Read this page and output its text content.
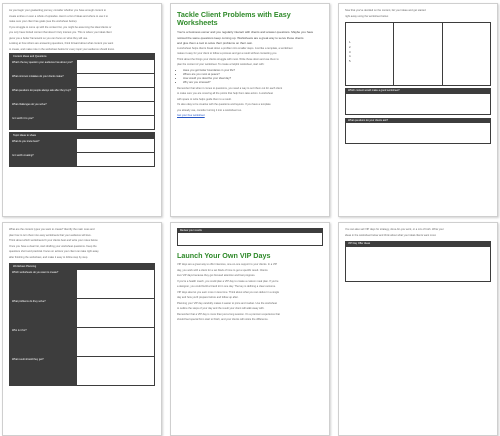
As you begin your goalsetting journey, consider whether you have enough content to

create entries or even a whole of episodes. Here's a list of ideas and where to use it to

make sure your client has goals (see the worksheet below).

If you struggle to come up with the content list, you might be assuming the ideal clients or

you only have limited content that doesn't truly interest you. This is where your ideal client

gives you a better framework so you can focus on what they will use.

Looking at how others are answering questions, think forward about what content you want

to create, and make note in the worksheet below for every topic your audience should know.

Content Ideas and Questions
What's the key question your audience has about you?
What common mistakes do your clients make?
What questions do people always ask after they buy?
What challenges do you solve?
Is it worth it to you?
Topic ideas to share
What do you know best?
Is it worth creating?
Tackle Client Problems with Easy Worksheets

You're a business owner and you regularly interact with clients and answer questions. Maybe you have

noticed the same questions keep coming up. Worksheets are a great way to serve those clients

and give them a tool to solve their problems on their own.

A worksheet helps clients break down a problem into smaller steps. Just like a template, a worksheet

makes it easy for your client to follow a process and get a result without contacting you.

Think about the things your clients struggle with most. Write those down and use them to

plan the content of your worksheet. To create a helpful worksheet, start with:

• Have you got better boundaries in your life?
• Where are you most at peace?
• How would you describe your ideal day?
• Why are you stressed?

Remember that when it comes to questions, you need a way to sort them out for each client

to make sure you are covering all the points that help them take action. A worksheet

with space to write helps guide them to a result.

It's also okay to be creative with the questions and layouts. If you have a template

you already use, consider turning it into a worksheet too.

Get your free worksheet

Now that you've decided on the content, list your ideas and get started

right away using the worksheet below.

1.
2.
3.
4.
5.
Which content would make a good worksheet?
What questions do your clients ask?

What are the content types you want to create? Identify the main ones and

plan how to turn them into easy worksheets that your audience will love.

Think about which worksheets fit your clients best and write your notes below.

Once you have a clear list, start drafting your worksheet questions. Keep the

questions short and practical. Focus on actions your client can take right away

after finishing the worksheet, and make it easy to follow step by step.

Worksheet Planning
Which worksheets do you want to create?
What problems do they solve?
Who is it for?
What result should they get?
Review your results
Launch Your Own VIP Days

VIP days are a great way to offer intensive, one-on-one support to your clients. In a VIP

day, you work with a client for a set block of time to get a specific result. Clients

love VIP days because they get focused attention and fast progress.

If you're a health coach, you could plan a VIP day to create a custom meal plan. If you're

a designer, you could build a brand kit in one day. The key is defining a clear outcome.

VIP days also let you earn more in less time. Think about what you can deliver in a single

day and how you'll prepare before and follow up after.

Planning your VIP day carefully makes it easier to price and market. Use the worksheet

to outline the steps of your day and the result your client will walk away with.

Remember that a VIP day is more than just a long session. It's a premium experience that

should feel special from start to finish, and your clients will notice the difference.

You can also sell VIP days for strategy, done-for-you work, or a mix of both. Write your

ideas in the worksheet below and think about what your ideal clients want most.

VIP Day Offer Ideas
